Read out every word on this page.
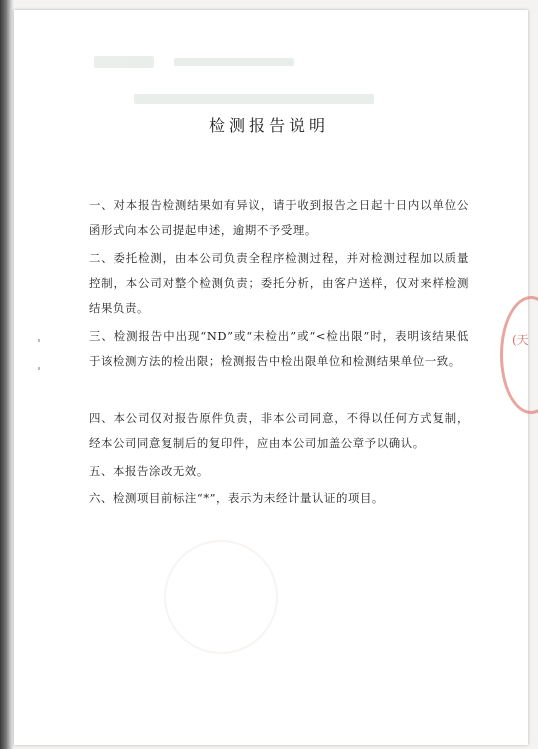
检测报告说明
一、对本报告检测结果如有异议，请于收到报告之日起十日内以单位公函形式向本公司提起申述，逾期不予受理。
二、委托检测，由本公司负责全程序检测过程，并对检测过程加以质量控制，本公司对整个检测负责；委托分析，由客户送样，仅对来样检测结果负责。
三、检测报告中出现“ND”或“未检出”或“<检出限”时，表明该结果低于该检测方法的检出限；检测报告中检出限单位和检测结果单位一致。
四、本公司仅对报告原件负责，非本公司同意，不得以任何方式复制，经本公司同意复制后的复印件，应由本公司加盖公章予以确认。
五、本报告涂改无效。
六、检测项目前标注“*”，表示为未经计量认证的项目。
(天
